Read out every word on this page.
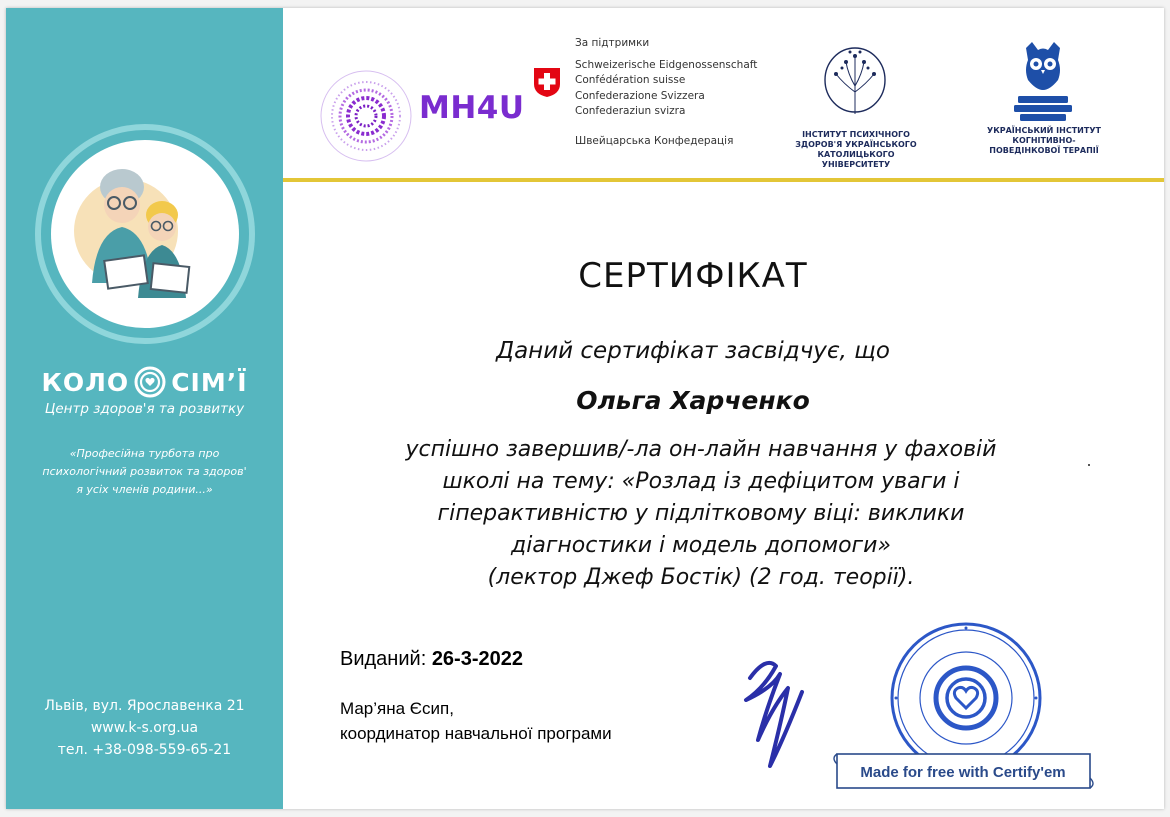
КОЛО СІМ’Ї
Центр здоров'я та розвитку
«Професійна турбота про
психологічний розвиток та здоров'
я усіх членів родини...»
Львів, вул. Ярославенка 21
www.k-s.org.ua
тел. +38-098-559-65-21
MH4U
За підтримки
Schweizerische Eidgenossenschaft
Confédération suisse
Confederazione Svizzera
Confederaziun svizra
Швейцарська Конфедерація	ІНСТИТУТ ПСИХІЧНОГО
ЗДОРОВ'Я УКРАЇНСЬКОГО
КАТОЛИЦЬКОГО
УНІВЕРСИТЕТУ
УКРАЇНСЬКИЙ ІНСТИТУТ
КОГНІТИВНО-
ПОВЕДІНКОВОЇ ТЕРАПІЇ
СЕРТИФІКАТ
Даний сертифікат засвідчує, що
Ольга Харченко
успішно завершив/-ла он-лайн навчання у фаховій
школі на тему: «Розлад із дефіцитом уваги і
гіперактивністю у підлітковому віці: виклики
діагностики і модель допомоги»
(лектор Джеф Бостік) (2 год. теорії).
Виданий: 26-3-2022
Мар’яна Єсип,
координатор навчальної програми
Made for free with Certify'em
